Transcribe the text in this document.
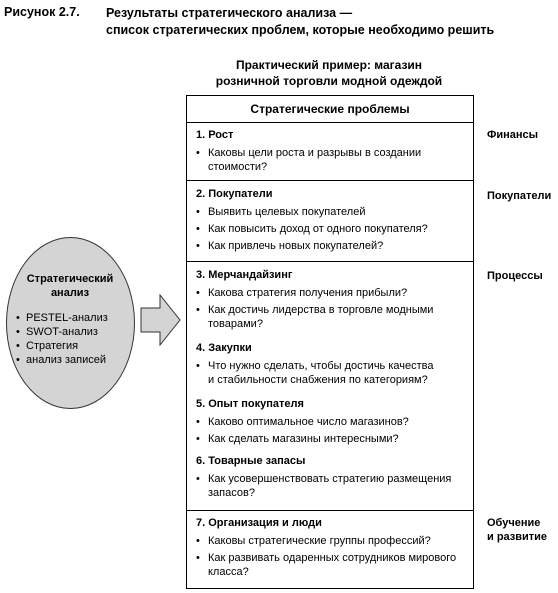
Рисунок 2.7. Результаты стратегического анализа —
список стратегических проблем, которые необходимо решить
Практический пример: магазин
розничной торговли модной одеждой
Стратегический
анализ
• PESTEL-анализ
• SWOT-анализ
• Стратегия
• анализ записей
Стратегические проблемы
1. Рост
• Каковы цели роста и разрывы в создании
стоимости?
2. Покупатели
• Выявить целевых покупателей
• Как повысить доход от одного покупателя?
• Как привлечь новых покупателей?
3. Мерчандайзинг
• Какова стратегия получения прибыли?
• Как достичь лидерства в торговле модными
товарами?
4. Закупки
• Что нужно сделать, чтобы достичь качества
и стабильности снабжения по категориям?
5. Опыт покупателя
• Каково оптимальное число магазинов?
• Как сделать магазины интересными?
6. Товарные запасы
• Как усовершенствовать стратегию размещения
запасов?
7. Организация и люди
• Каковы стратегические группы профессий?
• Как развивать одаренных сотрудников мирового
класса?
Финансы
Покупатели
Процессы
Обучение
и развитие
